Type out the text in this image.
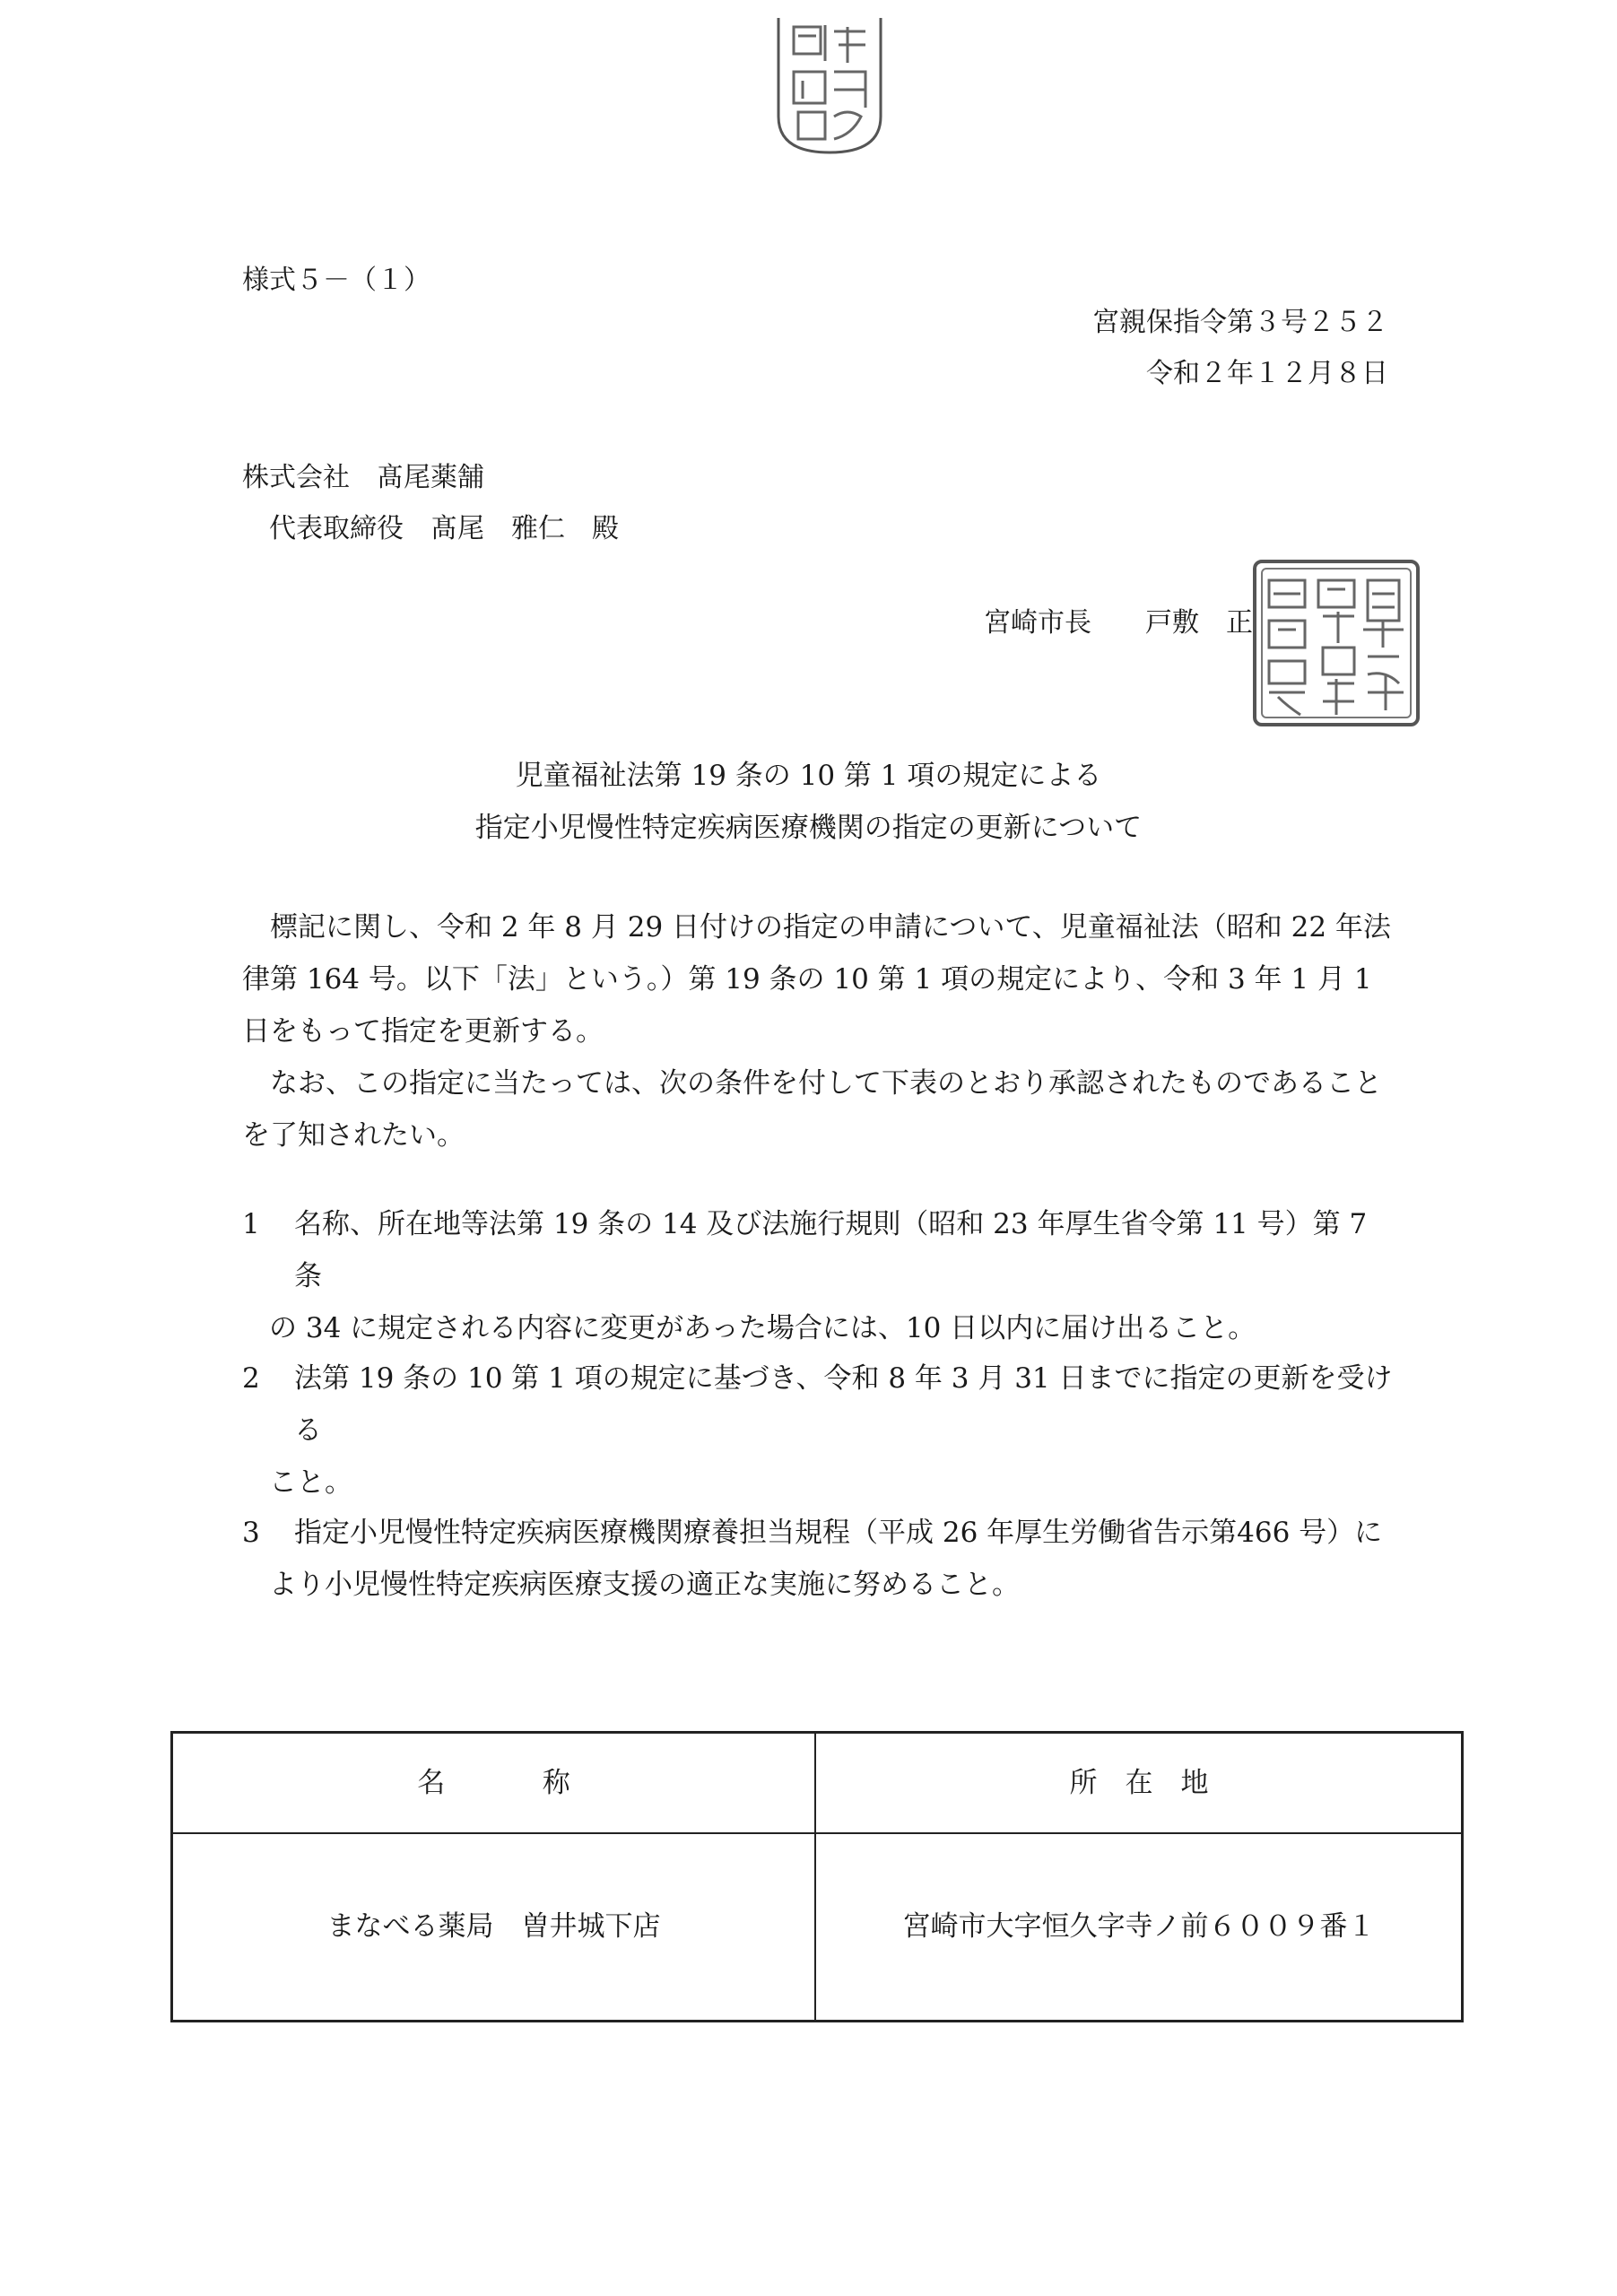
様式５－（１）
宮親保指令第３号２５２
令和２年１２月８日
株式会社　髙尾薬舗
代表取締役　髙尾　雅仁　殿
宮崎市長　　戸敷　正
児童福祉法第 19 条の 10 第 1 項の規定による
指定小児慢性特定疾病医療機関の指定の更新について

標記に関し、令和 2 年 8 月 29 日付けの指定の申請について、児童福祉法（昭和 22 年法律第 164 号。以下「法」という。）第 19 条の 10 第 1 項の規定により、令和 3 年 1 月 1 日をもって指定を更新する。

なお、この指定に当たっては、次の条件を付して下表のとおり承認されたものであることを了知されたい。

1	名称、所在地等法第 19 条の 14 及び法施行規則（昭和 23 年厚生省令第 11 号）第 7 条
の 34 に規定される内容に変更があった場合には、10 日以内に届け出ること。
2	法第 19 条の 10 第 1 項の規定に基づき、令和 8 年 3 月 31 日までに指定の更新を受ける
こと。
3	指定小児慢性特定疾病医療機関療養担当規程（平成 26 年厚生労働省告示第466 号）に
より小児慢性特定疾病医療支援の適正な実施に努めること。
名称	所在地
まなべる薬局　曽井城下店	宮崎市大字恒久字寺ノ前６００９番１
